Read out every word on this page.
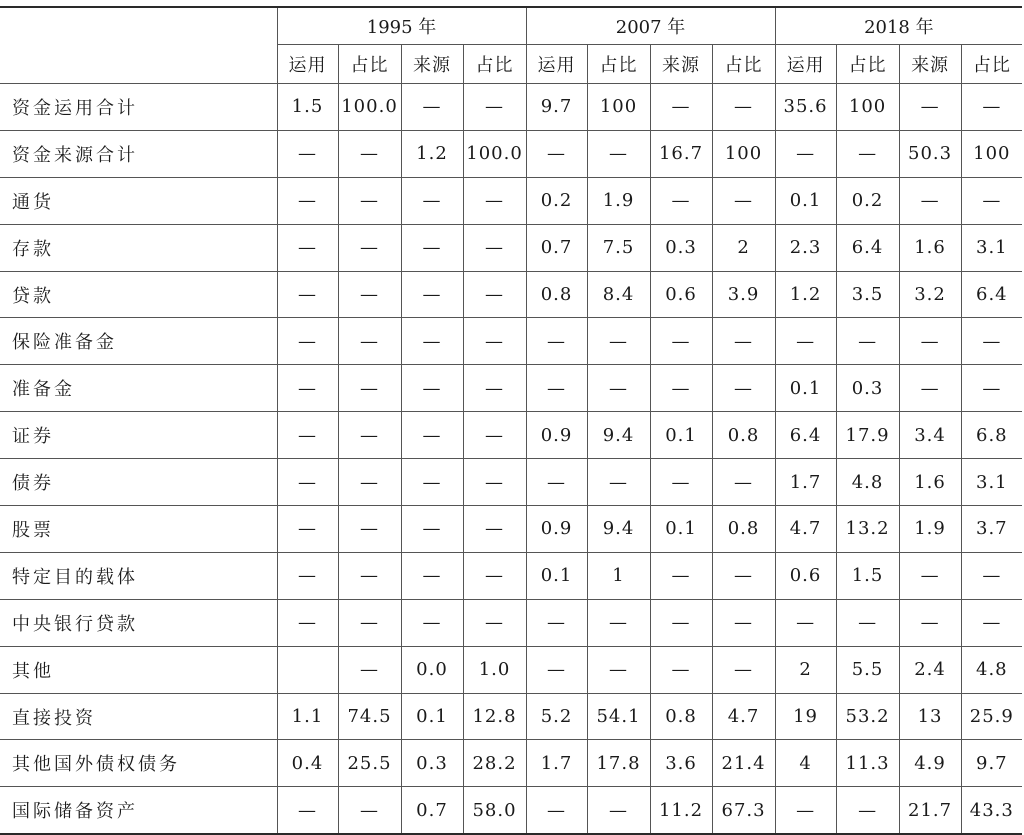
	1995 年				2007 年				2018 年			
	运用	占比	来源	占比	运用	占比	来源	占比	运用	占比	来源	占比
资金运用合计	1.5	100.0	—	—	9.7	100	—	—	35.6	100	—	—
资金来源合计	—	—	1.2	100.0	—	—	16.7	100	—	—	50.3	100
通货	—	—	—	—	0.2	1.9	—	—	0.1	0.2	—	—
存款	—	—	—	—	0.7	7.5	0.3	2	2.3	6.4	1.6	3.1
贷款	—	—	—	—	0.8	8.4	0.6	3.9	1.2	3.5	3.2	6.4
保险准备金	—	—	—	—	—	—	—	—	—	—	—	—
准备金	—	—	—	—	—	—	—	—	0.1	0.3	—	—
证券	—	—	—	—	0.9	9.4	0.1	0.8	6.4	17.9	3.4	6.8
债券	—	—	—	—	—	—	—	—	1.7	4.8	1.6	3.1
股票	—	—	—	—	0.9	9.4	0.1	0.8	4.7	13.2	1.9	3.7
特定目的载体	—	—	—	—	0.1	1	—	—	0.6	1.5	—	—
中央银行贷款	—	—	—	—	—	—	—	—	—	—	—	—
其他		—	0.0	1.0	—	—	—	—	2	5.5	2.4	4.8
直接投资	1.1	74.5	0.1	12.8	5.2	54.1	0.8	4.7	19	53.2	13	25.9
其他国外债权债务	0.4	25.5	0.3	28.2	1.7	17.8	3.6	21.4	4	11.3	4.9	9.7
国际储备资产	—	—	0.7	58.0	—	—	11.2	67.3	—	—	21.7	43.3
